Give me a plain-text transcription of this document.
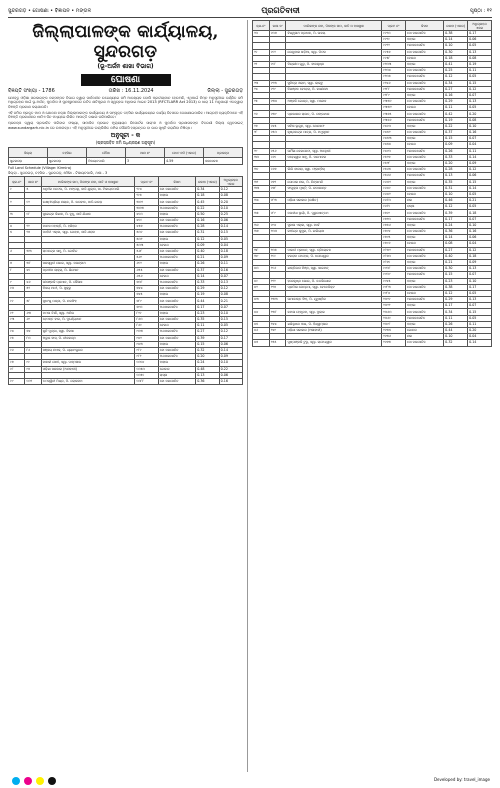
ସୁନ୍ଦରଗଡ଼ • ଗୋଷଣା • ବିଜ୍ଞାପନ • ମଙ୍ଗଳ	ପ୍ରଗତିବାଦୀ	ପୃଷ୍ଠା : ୧୧
ଜିଲ୍ଲାପାଳଙ୍କ କାର୍ଯ୍ୟାଳୟ, ସୁନ୍ଦରଗଡ଼
(ଭୂ-ଅର୍ଜନ ଶାଖା ବିଭାଗ)
ଘୋଷଣା
ବିଜ୍ଞପ୍ତି ସଂଖ୍ୟା - 1786	ତାରିଖ : 16.11.2024	ଜିଲ୍ଲା - ସୁନ୍ଦରଗଡ଼
ଯେହେତୁ ଓଡ଼ିଶା ସରକାରଙ୍କ ଜଳସମ୍ପଦ ବିଭାଗ ଦ୍ୱାରା ସାର୍ବଜନୀନ ଉଦ୍ଦେଶ୍ୟରେ ଜମି ଆବଶ୍ୟକ ବୋଲି ପ୍ରତୀୟମାନ ହେଉଅଛି, ଏଥିପାଇଁ ନିମ୍ନ ଅନୁସୂଚୀରେ ବର୍ଣ୍ଣିତ ଜମି ଅଧିଗ୍ରହଣ ପାଇଁ ଭୂ-ଅର୍ଜନ, ପୁନର୍ବାସ ଓ ପୁନଃସ୍ଥାପନରେ ଉଚିତ କ୍ଷତିପୂରଣ ଓ ସ୍ୱଚ୍ଛତା ଅଧିକାର ଆଇନ 2013 (RFCTLARR Act 2013) ର ଧାରା 11 ଅନୁଯାୟୀ ଏତଦ୍ୱାରା ବିଜ୍ଞପ୍ତି ପ୍ରକାଶ କରାଯାଉଛି।
ଏହି ଜମିର ପ୍ରକୃତ ମାପ ଓ ଯୋଜନା ନକ୍ସା ଜିଲ୍ଲାପାଳଙ୍କ କାର୍ଯ୍ୟାଳୟ ଓ ସମ୍ପୃକ୍ତ ତହସିଲ କାର୍ଯ୍ୟାଳୟରେ କାର୍ଯ୍ୟ ଦିବସରେ ଦେଖାଯାଇପାରିବ। ଆଗ୍ରହୀ ବ୍ୟକ୍ତିମାନେ ଏହି ବିଜ୍ଞପ୍ତି ପ୍ରକାଶନର ଷାଠିଏ ଦିନ ମଧ୍ୟରେ ଲିଖିତ ଆପତ୍ତି ଦାଖଲ କରିପାରିବେ।
ପ୍ରକଳ୍ପ ଦ୍ୱାରା ପ୍ରଭାବିତ ପରିବାର ସଂଖ୍ୟା, ସାମାଜିକ ପ୍ରଭାବ ମୂଲ୍ୟାୟନ ରିପୋର୍ଟର ସାରାଂଶ ଓ ପୁନର୍ବାସ ପ୍ରଶାସକଙ୍କ ବିବରଣୀ ଜିଲ୍ଲା ୱେବସାଇଟ୍ www.sundargarh.nic.in ରେ ଉପଲବ୍ଧ। ଏହି ଅନୁସୂଚୀରେ ଉଲ୍ଲିଖିତ ଜମିର କୌଣସି ହସ୍ତାନ୍ତର ବା ଭାର ସୃଷ୍ଟି କରାଯିବା ନିଷିଦ୍ଧ।
ଅନୁସୂଚୀ - କ
(ପ୍ରସ୍ତାବିତ ଜମି ଅଧିଗ୍ରହଣ ଅନୁସୂଚୀ)
ଜିଲ୍ଲା	ତହସିଲ	ମୌଜା	ଥାନା ନଂ	ମୋଟ ଜମି (ଏକର)	ପ୍ରକଳ୍ପ
ସୁନ୍ଦରଗଡ଼	ସୁନ୍ଦରଗଡ଼	ଟିକାୟତପାଲି	3	4.59	ଜଳସେଚନ
Full Land Schedule (Village: Kirmira)
ଜିଲ୍ଲା - ସୁନ୍ଦରଗଡ଼, ତହସିଲ - ସୁନ୍ଦରଗଡ଼, ମୌଜା - ଟିକାୟତପାଲି, ଥାନା - 3
କ୍ର.ନଂ	ଖାତା ନଂ	ମାଲିକଙ୍କ ନାମ, ପିତାଙ୍କ ନାମ, ଜାତି ଓ ବାସସ୍ଥାନ	ପ୍ଲଟ ନଂ	କିସମ	ରକବା (ଏକର)	ଅଧିଗ୍ରହଣ ଏକର
୧	୫	ଧନୁର୍ଧର ପଟେଲ, ପି. ମଙ୍ଗଳୁ, ଜାତି-କୁଲ୍ତା, ସା. ଟିକାୟତପାଲି	୨୧୪	ଦୋ ଜଳସେଚିତ	0.34	0.12
			୨୧୫	ବାହାଲ	0.18	0.08
୨	୧୨	ଲକ୍ଷ୍ମୀପ୍ରିୟା ନାୟକ, ପି. ଭଗବାନ, ଜାତି-ଗଉଡ଼	୩୦୨	ଦୋ ଜଳସେଚିତ	0.45	0.20
			୩୦୩	ଅଣଜଳସେଚିତ	0.22	0.10
୩	୧୮	ସୁରେନ୍ଦ୍ର କିଶାନ, ପି. ବୁଧୁ, ଜାତି-କିଶାନ	୪୧୦	ବାହାଲ	0.50	0.25
			୪୧୧	ଦୋ ଜଳସେଚିତ	0.16	0.06
୪	୨୨	ମାନସ ମହାନ୍ତି, ପି. ହରିହର	୪୫୭	ଅଣଜଳସେଚିତ	0.28	0.14
୫	୨୭	ପାର୍ବତୀ ଏକ୍କା, ସ୍ୱା. ଯୋହନ, ଜାତି-ଓରାମ	୫୦୧	ଦୋ ଜଳସେଚିତ	0.31	0.15
			୫୦୨	ବାହାଲ	0.12	0.05
			୫୦୩	ବେରଣ	0.09	0.04
୬	୩୩	ରାମଚନ୍ଦ୍ର ସାହୁ, ପି. ଗୋବିନ୍ଦ	୫୬୮	ଦୋ ଜଳସେଚିତ	0.40	0.18
			୫୬୯	ଅଣଜଳସେଚିତ	0.21	0.09
୭	୩୮	ସରସ୍ୱତୀ ଭୋଇ, ସ୍ୱା. ଜଗନ୍ନାଥ	୬୧୨	ବାହାଲ	0.26	0.11
୮	୪୧	ପ୍ରଦୀପ ଲାକ୍ରା, ପି. ଶିମୋନ	୬୫୫	ଦୋ ଜଳସେଚିତ	0.37	0.16
			୬୫୬	ବେରଣ	0.14	0.07
୯	୪୬	ଗୀତାଞ୍ଜଳି ପ୍ରଧାନ, ପି. କୈଳାସ	୭୦୮	ଅଣଜଳସେଚିତ	0.33	0.13
୧୦	୫୨	ବିଜୟ ମାଝୀ, ପି. ସୁକ୍ରୁ	୭୪୪	ଦୋ ଜଳସେଚିତ	0.29	0.12
			୭୪୫	ବାହାଲ	0.19	0.08
୧୧	୫୮	ସୁଧାଂଶୁ ପଣ୍ଡା, ପି. ନରସିଂହ	୭୮୯	ଦୋ ଜଳସେଚିତ	0.44	0.21
			୭୯୦	ଅଣଜଳସେଚିତ	0.17	0.07
୧୨	୬୩	ମମତା ତିର୍କୀ, ସ୍ୱା. ଅନିଲ	୮୨୧	ବାହାଲ	0.23	0.10
୧୩	୬୯	ହେମନ୍ତ ବାଗ, ପି. ଦୁର୍ଯ୍ୟୋଧନ	୮୬୦	ଦୋ ଜଳସେଚିତ	0.35	0.15
			୮୬୧	ବେରଣ	0.11	0.05
୧୪	୭୪	କୁନି ମୁଣ୍ଡା, ସ୍ୱା. ବିରସା	୯୦୩	ଅଣଜଳସେଚିତ	0.27	0.12
୧୫	୮୦	ଅରୁଣ ଦାସ, ପି. ନୀଳକଣ୍ଠ	୯୪୨	ଦୋ ଜଳସେଚିତ	0.39	0.17
			୯୪୩	ବାହାଲ	0.15	0.06
୧୬	୮୬	ସଞ୍ଜୟ ନାଏକ, ପି. ଶ୍ୟାମସୁନ୍ଦର	୯୮୧	ଦୋ ଜଳସେଚିତ	0.32	0.14
			୯୮୨	ଅଣଜଳସେଚିତ	0.20	0.09
୧୭	୯୧	ଜାନକୀ ସେଠୀ, ସ୍ୱା. ପଦ୍ମନାଭ	୧୦୧୪	ବାହାଲ	0.24	0.10
୧୮	୯୭	ଓଡ଼ିଶା ସରକାର (ଅନାବାଦୀ)	୧୦୫୦	ଗୋଚର	0.48	0.22
			୧୦୫୧	ରାସ୍ତା	0.13	0.06
୧୯	୧୦୨	ତପସ୍ୱିନୀ ମିଶ୍ର, ପି. ଲୋକନାଥ	୧୦୮୮	ଦୋ ଜଳସେଚିତ	0.36	0.16
କ୍ର.ନଂ	ଖାତା ନଂ	ମାଲିକଙ୍କ ନାମ, ପିତାଙ୍କ ନାମ, ଜାତି ଓ ବାସସ୍ଥାନ	ପ୍ଲଟ ନଂ	କିସମ	ରକବା (ଏକର)	ଅଧିଗ୍ରହଣ ଏକର
୨୦	୧୦୭	ବିଶ୍ୱନାଥ ପ୍ରଧାନ, ପି. ଉଦୟ	୧୧୨୦	ଦୋ ଜଳସେଚିତ	0.38	0.17
			୧୧୨୧	ବାହାଲ	0.14	0.06
			୧୧୨୨	ଅଣଜଳସେଚିତ	0.10	0.05
୨୧	୧୧୨	ରେଣୁବାଳା ଖଡ଼ିଆ, ସ୍ୱା. ପିଟର	୧୧୫୭	ଦୋ ଜଳସେଚିତ	0.30	0.13
			୧୧୫୮	ବେରଣ	0.18	0.08
୨୨	୧୧୮	ଦିଲ୍ଲୀପ ଗୁରୁ, ପି. ବାଳକୃଷ୍ଣ	୧୨୦୩	ବାହାଲ	0.41	0.19
			୧୨୦୪	ଦୋ ଜଳସେଚିତ	0.25	0.11
			୧୨୦୫	ଅଣଜଳସେଚିତ	0.12	0.05
୨୩	୧୨୩	ସୁମିତ୍ରା ଓରାମ, ସ୍ୱା. ଲାଲ୍ଟୁ	୧୨୪୬	ଦୋ ଜଳସେଚିତ	0.34	0.15
୨୪	୧୨୯	ନିରଞ୍ଜନ ବେହେରା, ପି. କାଶୀନାଥ	୧୨୮୮	ଅଣଜଳସେଚିତ	0.27	0.12
			୧୨୮୯	ବାହାଲ	0.16	0.07
୨୫	୧୩୪	ଅଞ୍ଜଳି ଗୋଣ୍ଡ, ସ୍ୱା. ମନୋଜ	୧୩୩୧	ଦୋ ଜଳସେଚିତ	0.29	0.13
			୧୩୩୨	ବେରଣ	0.11	0.05
୨୬	୧୩୯	ପ୍ରଭାକର ରାଉତ, ପି. ଗଙ୍ଗାଧର	୧୩୭୫	ଦୋ ଜଳସେଚିତ	0.42	0.20
			୧୩୭୬	ଅଣଜଳସେଚିତ	0.19	0.08
୨୭	୧୪୫	ସବିତା ଲୁଗୁନ, ସ୍ୱା. ଜୋସେଫ	୧୪୧୦	ବାହାଲ	0.22	0.10
୨୮	୧୫୦	କୃଷ୍ଣଚନ୍ଦ୍ର ପାତ୍ର, ପି. ମଧୁସୂଦନ	୧୪୫୨	ଦୋ ଜଳସେଚିତ	0.37	0.16
			୧୪୫୩	ବାହାଲ	0.15	0.07
			୧୪୫୪	ବେରଣ	0.09	0.04
୨୯	୧୫୬	ଉର୍ମିଳା କେରକେଟା, ସ୍ୱା. ଆନ୍ଥୋନୀ	୧୪୯୦	ଅଣଜଳସେଚିତ	0.26	0.11
୩୦	୧୬୧	ମହେଶ୍ୱର ସାହୁ, ପି. ଦାମୋଦର	୧୫୨୭	ଦୋ ଜଳସେଚିତ	0.33	0.14
			୧୫୨୮	ବାହାଲ	0.20	0.09
୩୧	୧୬୭	ଲିଲି ବାରଲା, ସ୍ୱା. ଫ୍ରାନ୍ସିସ୍	୧୫୬୫	ଦୋ ଜଳସେଚିତ	0.28	0.12
			୧୫୬୬	ଅଣଜଳସେଚିତ	0.13	0.06
୩୨	୧୭୨	ଗୋପାଳ ନାଗ, ପି. ଚିନ୍ତାମଣି	୧୬୦୨	ବାହାଲ	0.35	0.15
୩୩	୧୭୮	ସଂଯୁକ୍ତା ପୃଷ୍ଟି, ପି. ରମାକାନ୍ତ	୧୬୪୧	ଦୋ ଜଳସେଚିତ	0.31	0.14
			୧୬୪୨	ବେରଣ	0.10	0.05
୩୪	୧୮୩	ଓଡ଼ିଶା ସରକାର (ରକ୍ଷିତ)	୧୬୮୦	ନାଳ	0.46	0.21
			୧୬୮୧	ରାସ୍ତା	0.12	0.05
୩୫	୧୮୯	ଜଗଦୀଶ ଭୂୟାଁ, ପି. ପୁରୁଷୋତ୍ତମ	୧୭୧୯	ଦୋ ଜଳସେଚିତ	0.39	0.18
			୧୭୨୦	ଅଣଜଳସେଚିତ	0.17	0.07
୩୬	୧୯୪	ସୁଜାତା ଏକ୍କା, ସ୍ୱା. ମାର୍କ	୧୭୫୬	ବାହାଲ	0.24	0.10
୩୭	୨୦୦	ରବୀନ୍ଦ୍ର କୁଜୁର, ପି. ଇଲିୟାସ	୧୭୯୪	ଦୋ ଜଳସେଚିତ	0.36	0.16
			୧୭୯୫	ବାହାଲ	0.14	0.06
			୧୭୯୬	ବେରଣ	0.08	0.04
୩୮	୨୦୫	ମାଳତୀ ପ୍ରଧାନ, ସ୍ୱା. ତ୍ରିଲୋଚନ	୧୮୩୨	ଅଣଜଳସେଚିତ	0.27	0.12
୩୯	୨୧୧	ବଳରାମ ମେହେର, ପି. ଧନେଶ୍ୱର	୧୮୭୦	ଦୋ ଜଳସେଚିତ	0.40	0.18
			୧୮୭୧	ବାହାଲ	0.21	0.09
୪୦	୨୧୬	ଶାନ୍ତିଲତା ମିଞ୍ଜ, ସ୍ୱା. ସାଇମନ୍	୧୯୦୮	ଦୋ ଜଳସେଚିତ	0.30	0.13
			୧୯୦୯	ଅଣଜଳସେଚିତ	0.15	0.07
୪୧	୨୨୨	ହରେକୃଷ୍ଣ ଭୋଇ, ପି. ନନ୍ଦକିଶୋର	୧୯୪୫	ବାହାଲ	0.23	0.10
୪୨	୨୨୭	ପ୍ରମିଳା ତୋପ୍ପୋ, ସ୍ୱା. ବେନେଡିକ୍ଟ	୧୯୮୩	ଦୋ ଜଳସେଚିତ	0.38	0.17
			୧୯୮୪	ବେରଣ	0.12	0.05
୪୩	୨୩୩	ଉମାକାନ୍ତ ସିଂହ, ପି. ଯୁଧିଷ୍ଠିର	୨୦୨୧	ଅଣଜଳସେଚିତ	0.29	0.13
			୨୦୨୨	ବାହାଲ	0.17	0.07
୪୪	୨୩୮	କମଳା ହେମ୍ବ୍ରମ, ସ୍ୱା. ଦୁଲାଲ	୨୦୬୦	ଦୋ ଜଳସେଚିତ	0.34	0.15
			୨୦୬୧	ଅଣଜଳସେଚିତ	0.11	0.05
୪୫	୨୪୪	ଶଶିଭୂଷଣ ଦାଶ, ପି. ବିଶ୍ୱମ୍ଭର	୨୦୯୮	ବାହାଲ	0.26	0.11
୪୬	୨୪୯	ଓଡ଼ିଶା ସରକାର (ଅନାବାଦୀ)	୨୧୩୫	ଗୋଚର	0.44	0.20
			୨୧୩୬	ନାଳ	0.10	0.04
୪୭	୨୫୫	ପୁଷ୍ପାଞ୍ଜଳି ଟୁଡୁ, ସ୍ୱା. ରାମେଶ୍ୱର	୨୧୭୩	ଦୋ ଜଳସେଚିତ	0.32	0.14
Developed by: travel_image
